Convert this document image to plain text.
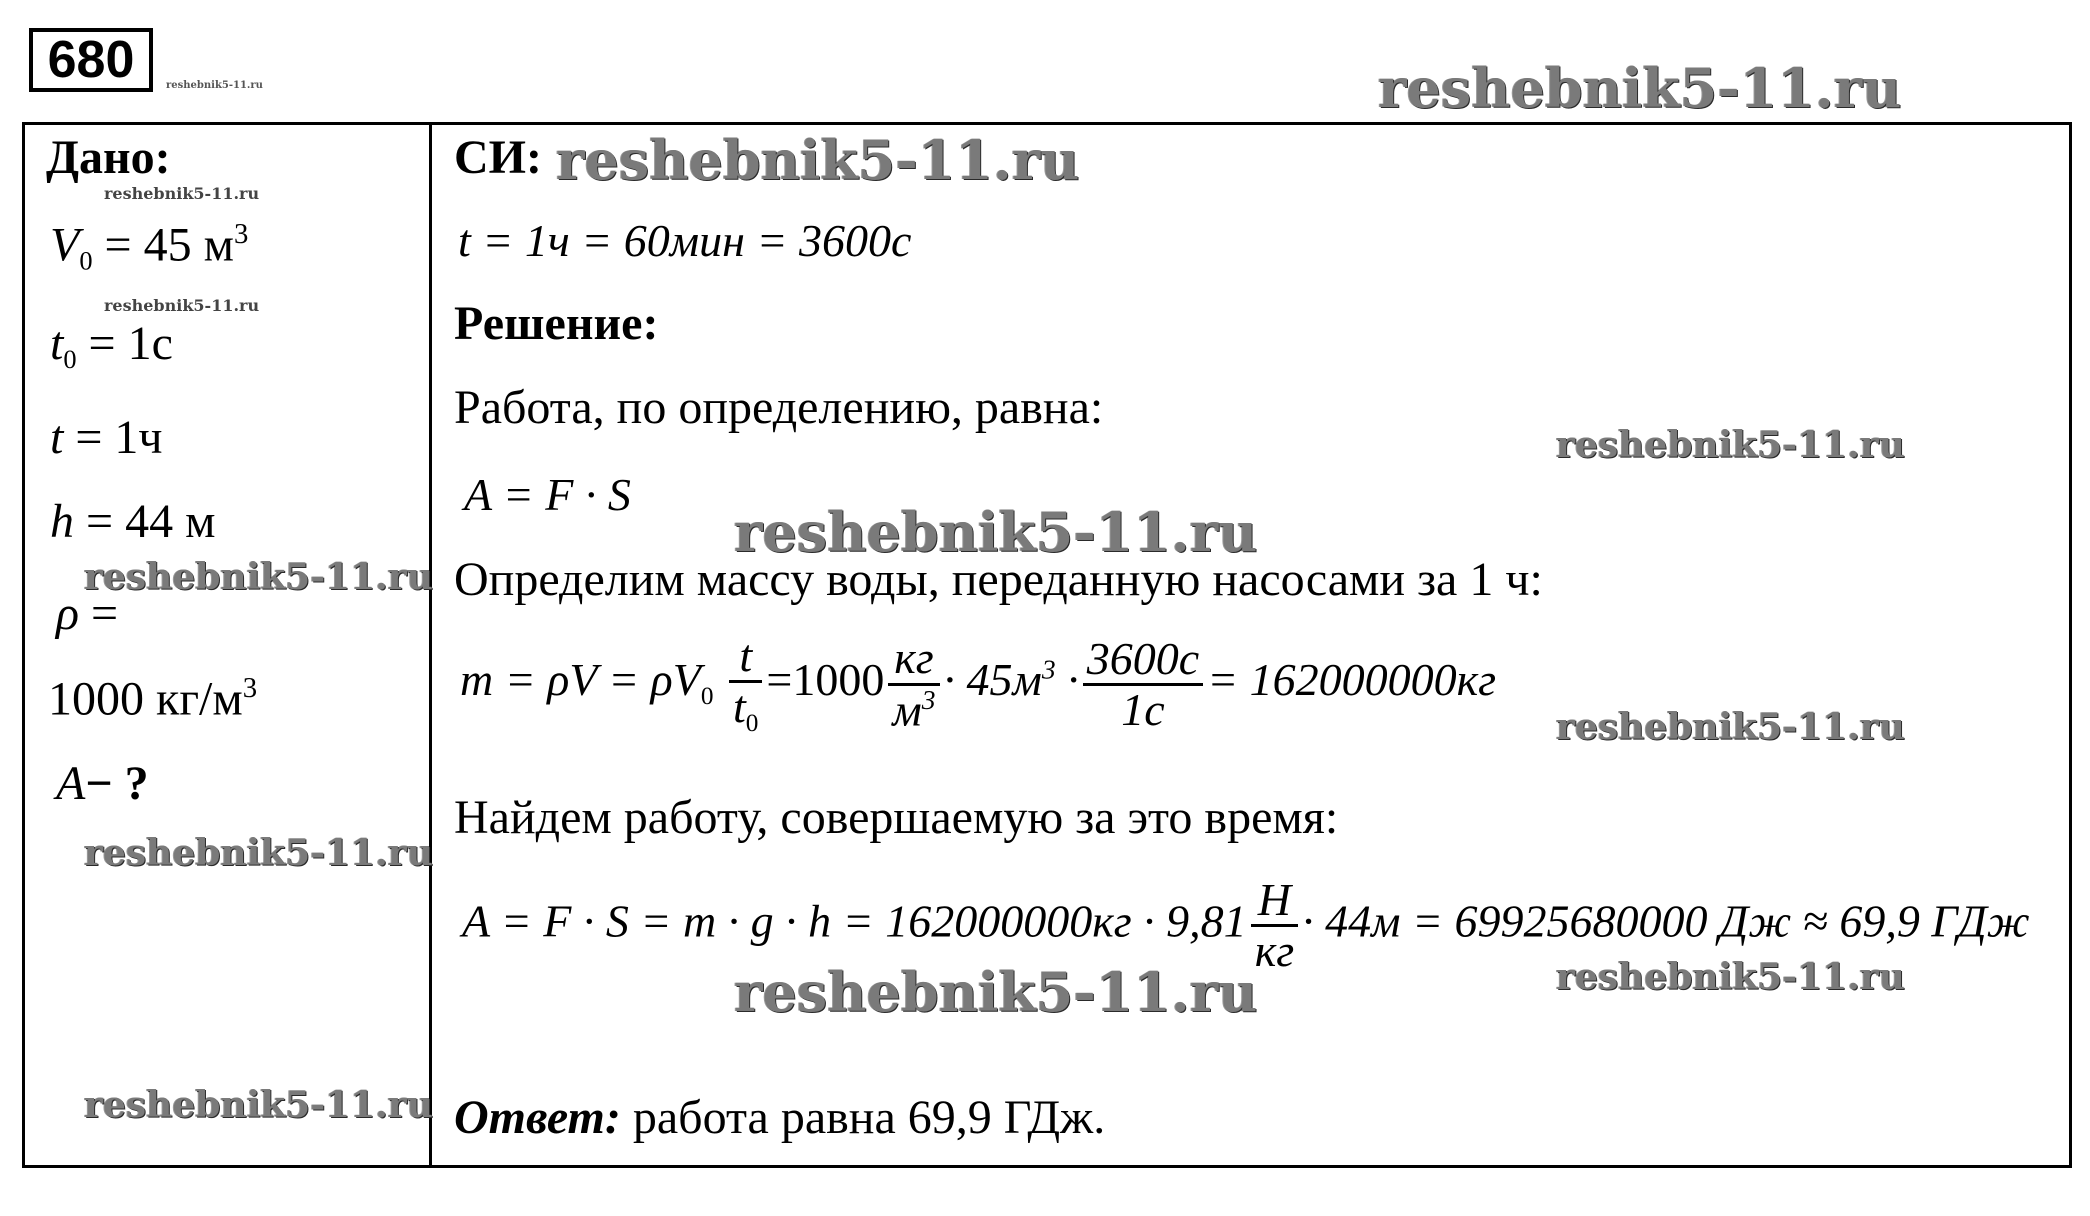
680	reshebnik5-11.ru	reshebnik5-11.ru
Дано:
reshebnik5-11.ru
$V_0 = 45$ $м^3$
reshebnik5-11.ru
$t_0 = 1с$
t = 1ч
h = 44 м
reshebnik5-11.ru
ρ =
1000 $кг/м^3$
A− ?
reshebnik5-11.ru
reshebnik5-11.ru
СИ: reshebnik5-11.ru
t = 1ч = 60мин = 3600с
Решение:
Работа, по определению, равна:
reshebnik5-11.ru
A = F · S
reshebnik5-11.ru
Определим массу воды, переданную насосами за 1 ч:
$m = \rho V = \rho V_0 \frac{t}{t_0} =1000 \frac{кг}{м^3} \cdot 45м^3 \cdot \frac{3600с}{1с} = 162000000кг$
reshebnik5-11.ru
Найдем работу, совершаемую за это время:
$A = F \cdot S = m \cdot g \cdot h = 162000000кг \cdot 9,81 \frac{Н}{кг} \cdot 44м = 69925680000$ Дж ≈ 69,9 ГДж
reshebnik5-11.ru	reshebnik5-11.ru
Ответ: работа равна 69,9 ГДж.
